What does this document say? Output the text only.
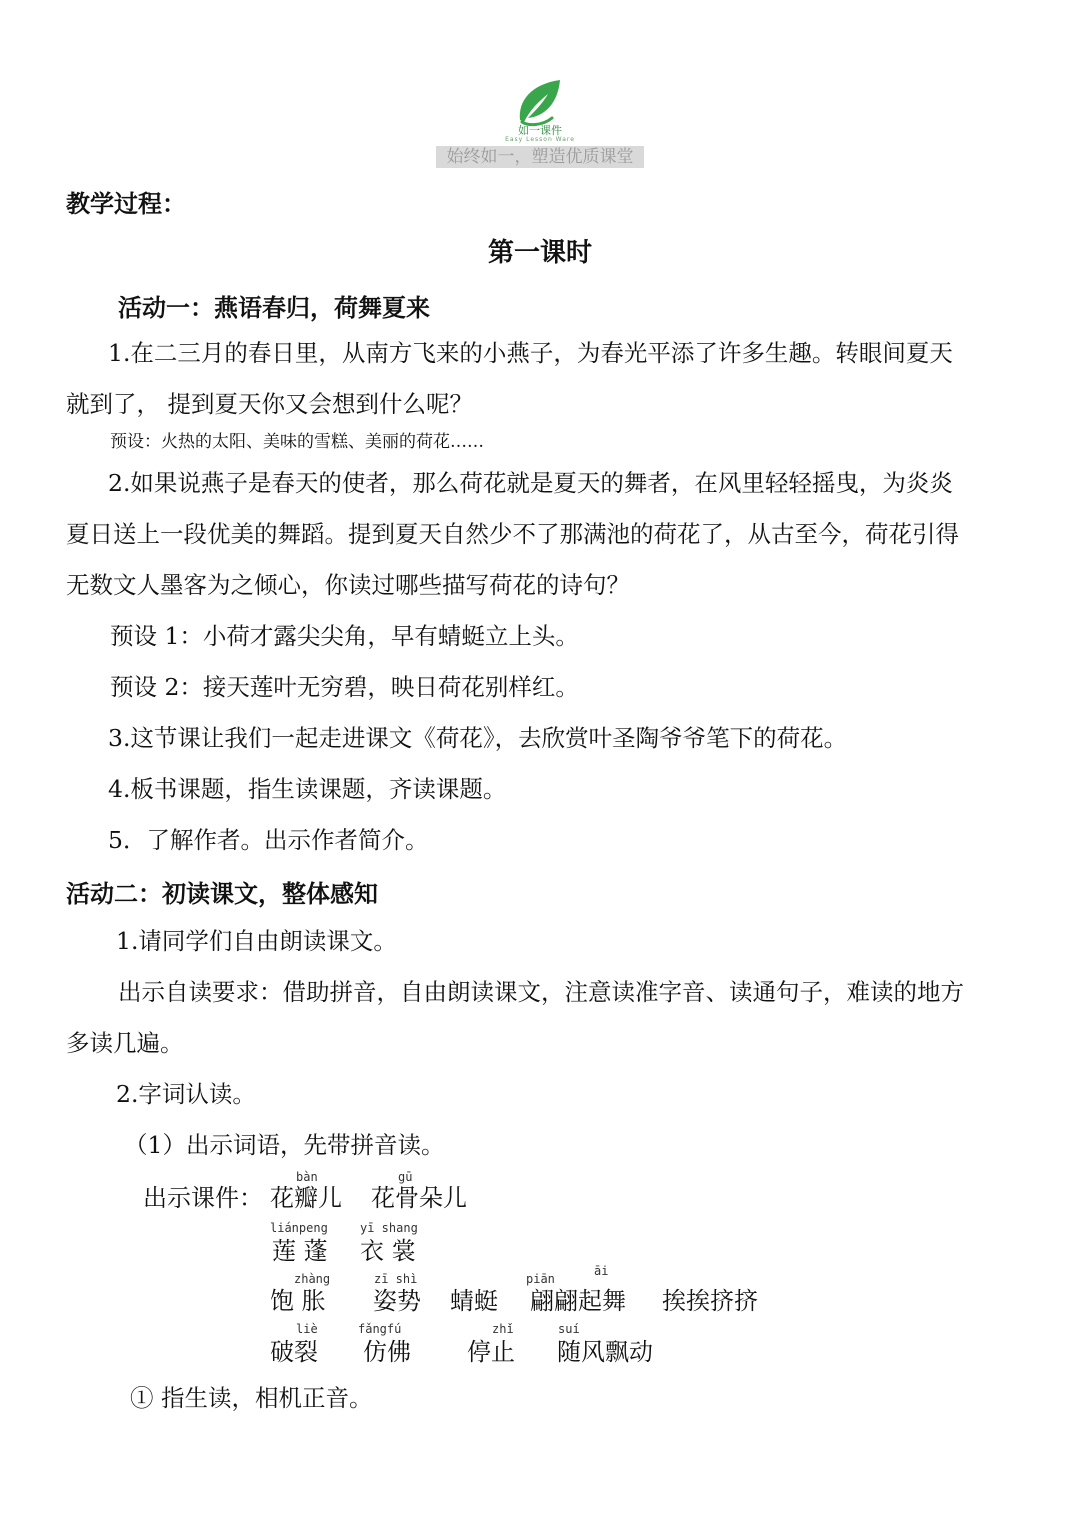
如一课件
Easy Lesson Ware
始终如一，塑造优质课堂
教学过程：
第一课时
活动一：燕语春归，荷舞夏来
1.在二三月的春日里，从南方飞来的小燕子，为春光平添了许多生趣。转眼间夏天
就到了， 提到夏天你又会想到什么呢？
预设：火热的太阳、美味的雪糕、美丽的荷花……
2.如果说燕子是春天的使者，那么荷花就是夏天的舞者，在风里轻轻摇曳，为炎炎
夏日送上一段优美的舞蹈。提到夏天自然少不了那满池的荷花了，从古至今，荷花引得
无数文人墨客为之倾心，你读过哪些描写荷花的诗句？
预设 1：小荷才露尖尖角，早有蜻蜓立上头。
预设 2：接天莲叶无穷碧，映日荷花别样红。
3.这节课让我们一起走进课文《荷花》，去欣赏叶圣陶爷爷笔下的荷花。
4.板书课题，指生读课题，齐读课题。
5．了解作者。出示作者简介。
活动二：初读课文，整体感知
1.请同学们自由朗读课文。
出示自读要求：借助拼音，自由朗读课文，注意读准字音、读通句子，难读的地方
多读几遍。
2.字词认读。
（1）出示词语，先带拼音读。
出示课件：
bàn
花瓣儿
gū
花骨朵儿
liánpeng
莲 蓬
yī shang
衣 裳
zhàng
饱 胀
zī shì
姿势 蜻蜓
piān
āi
翩翩起舞 挨挨挤挤
liè
破裂
fǎngfú
仿佛
zhǐ
停止
suí
随风飘动
① 指生读，相机正音。
